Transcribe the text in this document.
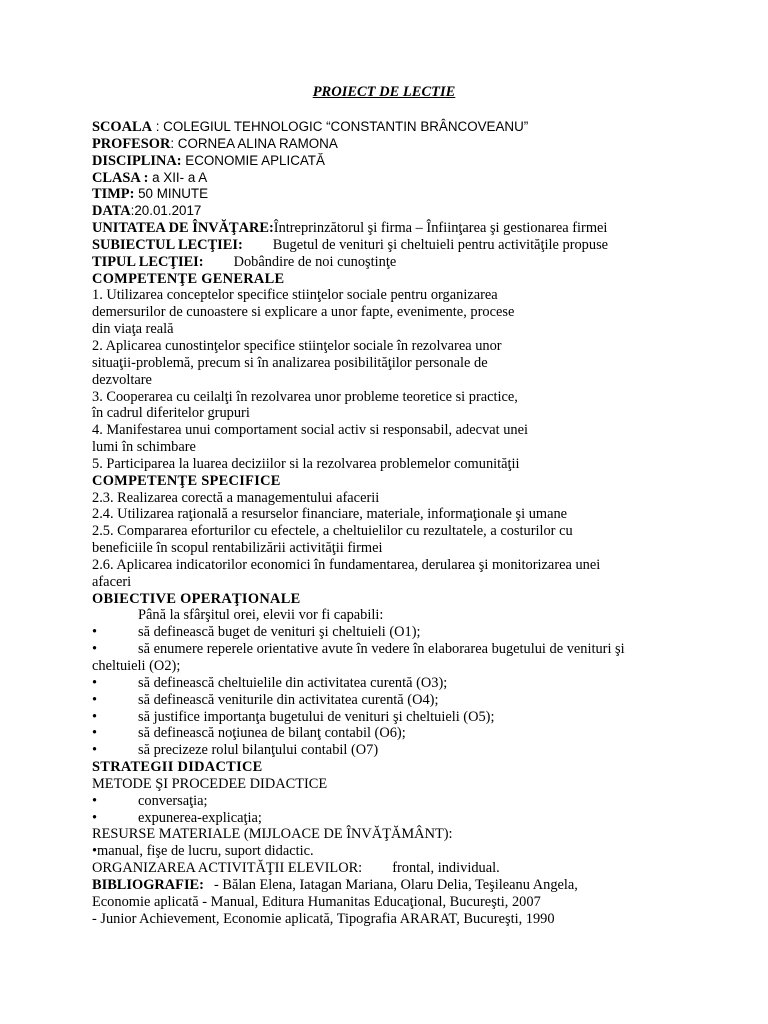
PROIECT DE LECTIE
SCOALA : COLEGIUL TEHNOLOGIC “CONSTANTIN BRÂNCOVEANU”
PROFESOR: CORNEA ALINA RAMONA
DISCIPLINA: ECONOMIE APLICATĂ
CLASA : a XII- a A
TIMP: 50 MINUTE
DATA:20.01.2017
UNITATEA DE ÎNVĂŢARE:Întreprinzătorul şi firma – Înfiinţarea şi gestionarea firmei
SUBIECTUL LECŢIEI: Bugetul de venituri şi cheltuieli pentru activităţile propuse
TIPUL LECŢIEI: Dobândire de noi cunoştinţe
COMPETENŢE GENERALE
1. Utilizarea conceptelor specifice stiinţelor sociale pentru organizarea
demersurilor de cunoastere si explicare a unor fapte, evenimente, procese
din viaţa reală
2. Aplicarea cunostinţelor specifice stiinţelor sociale în rezolvarea unor
situaţii-problemă, precum si în analizarea posibilităţilor personale de
dezvoltare
3. Cooperarea cu ceilalţi în rezolvarea unor probleme teoretice si practice,
în cadrul diferitelor grupuri
4. Manifestarea unui comportament social activ si responsabil, adecvat unei
lumi în schimbare
5. Participarea la luarea deciziilor si la rezolvarea problemelor comunităţii
COMPETENŢE SPECIFICE
2.3. Realizarea corectă a managementului afacerii
2.4. Utilizarea raţională a resurselor financiare, materiale, informaţionale şi umane
2.5. Compararea eforturilor cu efectele, a cheltuielilor cu rezultatele, a costurilor cu
beneficiile în scopul rentabilizării activităţii firmei
2.6. Aplicarea indicatorilor economici în fundamentarea, derularea şi monitorizarea unei
afaceri
OBIECTIVE OPERAŢIONALE
Până la sfârşitul orei, elevii vor fi capabili:
•	să definească buget de venituri şi cheltuieli (O1);
•	să enumere reperele orientative avute în vedere în elaborarea bugetului de venituri şi
cheltuieli (O2);
•	să definească cheltuielile din activitatea curentă (O3);
•	să definească veniturile din activitatea curentă (O4);
•	să justifice importanţa bugetului de venituri şi cheltuieli (O5);
•	să definească noţiunea de bilanţ contabil (O6);
•	să precizeze rolul bilanţului contabil (O7)
STRATEGII DIDACTICE
METODE ŞI PROCEDEE DIDACTICE
•	conversaţia;
•	expunerea-explicaţia;
RESURSE MATERIALE (MIJLOACE DE ÎNVĂŢĂMÂNT):
•manual, fişe de lucru, suport didactic.
ORGANIZAREA ACTIVITĂŢII ELEVILOR: frontal, individual.
BIBLIOGRAFIE: - Bălan Elena, Iatagan Mariana, Olaru Delia, Teşileanu Angela,
Economie aplicată - Manual, Editura Humanitas Educaţional, Bucureşti, 2007
- Junior Achievement, Economie aplicată, Tipografia ARARAT, Bucureşti, 1990
